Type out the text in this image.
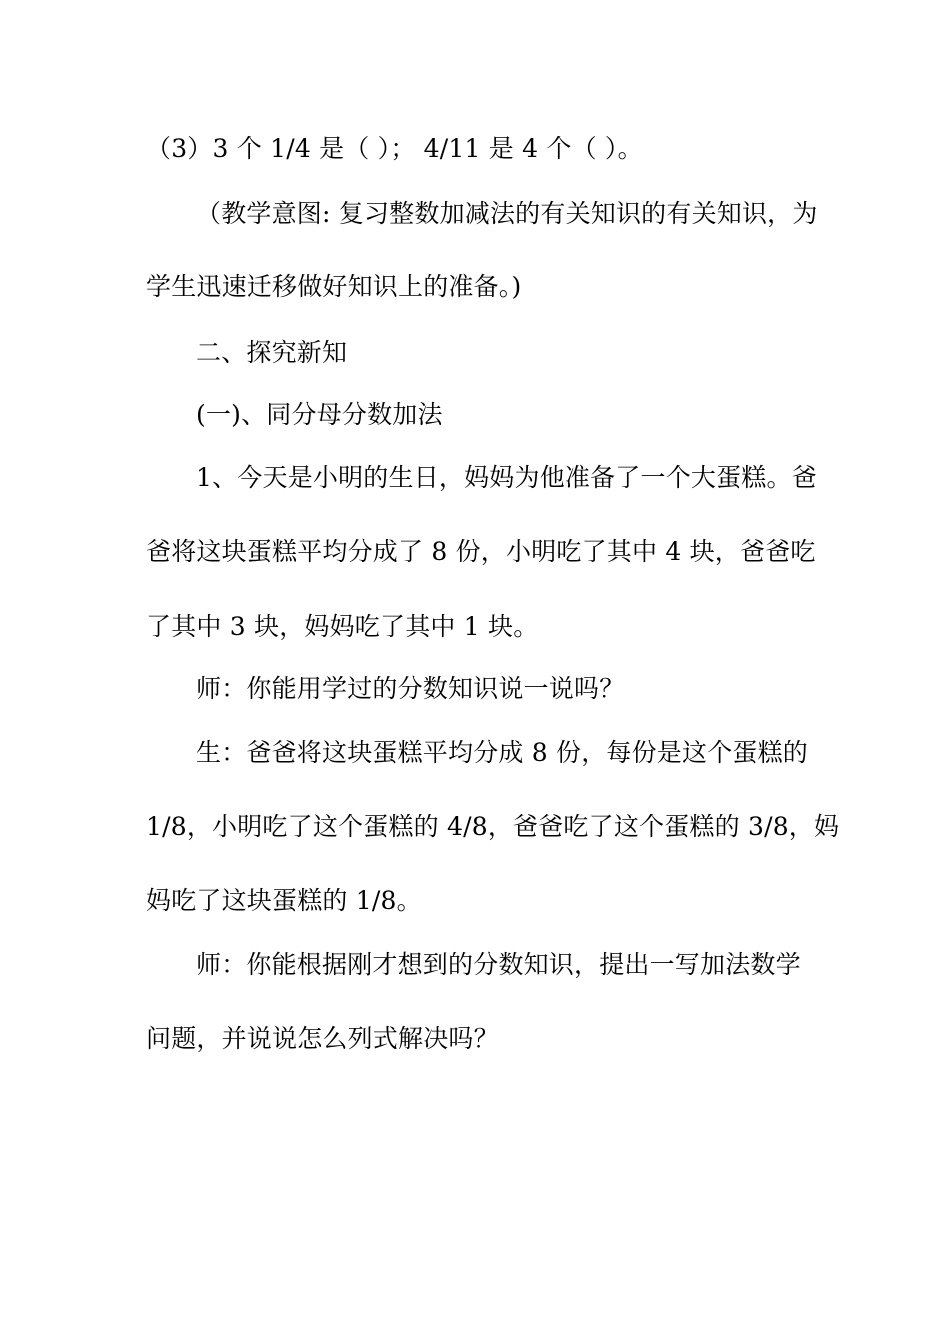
（3）3 个 1/4 是（ ）； 4/11 是 4 个（ ）。
（教学意图: 复习整数加减法的有关知识的有关知识，为
学生迅速迁移做好知识上的准备。)
二、探究新知
(一)、同分母分数加法
1、今天是小明的生日，妈妈为他准备了一个大蛋糕。爸
爸将这块蛋糕平均分成了 8 份，小明吃了其中 4 块，爸爸吃
了其中 3 块，妈妈吃了其中 1 块。
师：你能用学过的分数知识说一说吗？
生：爸爸将这块蛋糕平均分成 8 份，每份是这个蛋糕的
1/8，小明吃了这个蛋糕的 4/8，爸爸吃了这个蛋糕的 3/8，妈
妈吃了这块蛋糕的 1/8。
师：你能根据刚才想到的分数知识，提出一写加法数学
问题，并说说怎么列式解决吗？
